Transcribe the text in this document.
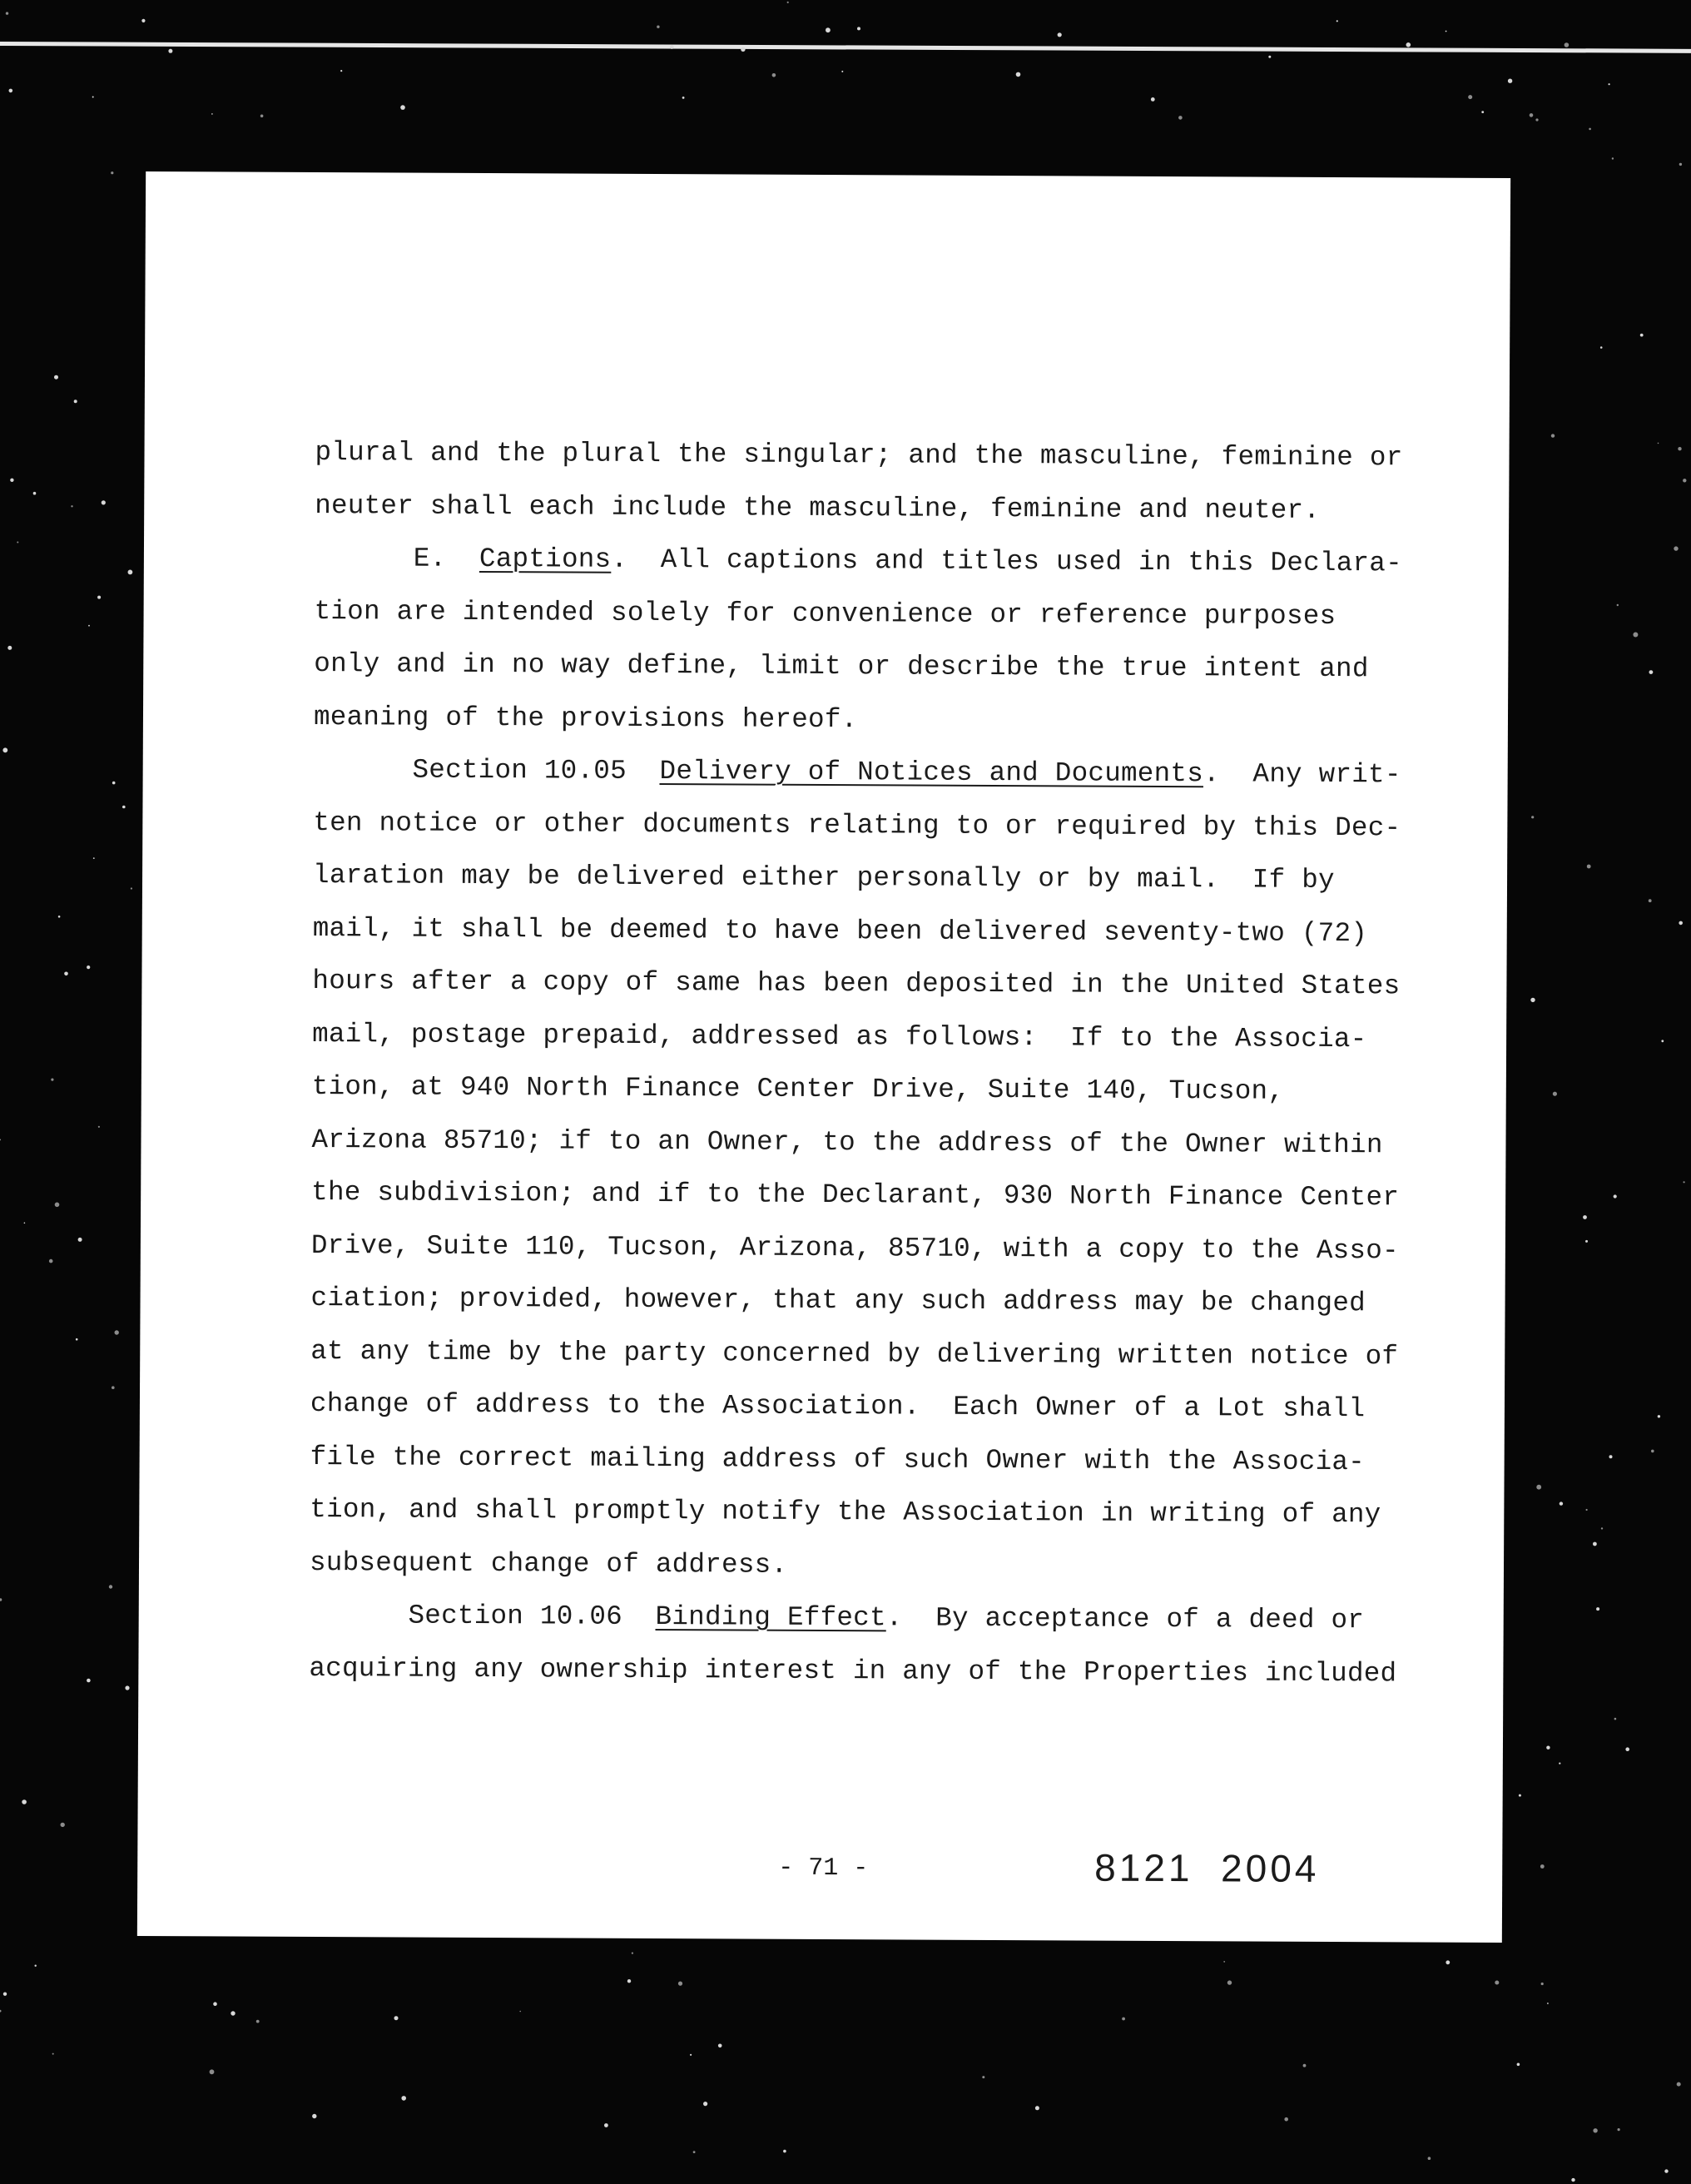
plural and the plural the singular; and the masculine, feminine or
neuter shall each include the masculine, feminine and neuter.
E.  Captions.  All captions and titles used in this Declara-
tion are intended solely for convenience or reference purposes
only and in no way define, limit or describe the true intent and
meaning of the provisions hereof.
Section 10.05  Delivery of Notices and Documents.  Any writ-
ten notice or other documents relating to or required by this Dec-
laration may be delivered either personally or by mail.  If by
mail, it shall be deemed to have been delivered seventy-two (72)
hours after a copy of same has been deposited in the United States
mail, postage prepaid, addressed as follows:  If to the Associa-
tion, at 940 North Finance Center Drive, Suite 140, Tucson,
Arizona 85710; if to an Owner, to the address of the Owner within
the subdivision; and if to the Declarant, 930 North Finance Center
Drive, Suite 110, Tucson, Arizona, 85710, with a copy to the Asso-
ciation; provided, however, that any such address may be changed
at any time by the party concerned by delivering written notice of
change of address to the Association.  Each Owner of a Lot shall
file the correct mailing address of such Owner with the Associa-
tion, and shall promptly notify the Association in writing of any
subsequent change of address.
Section 10.06  Binding Effect.  By acceptance of a deed or
acquiring any ownership interest in any of the Properties included
- 71 -	8121  2004
